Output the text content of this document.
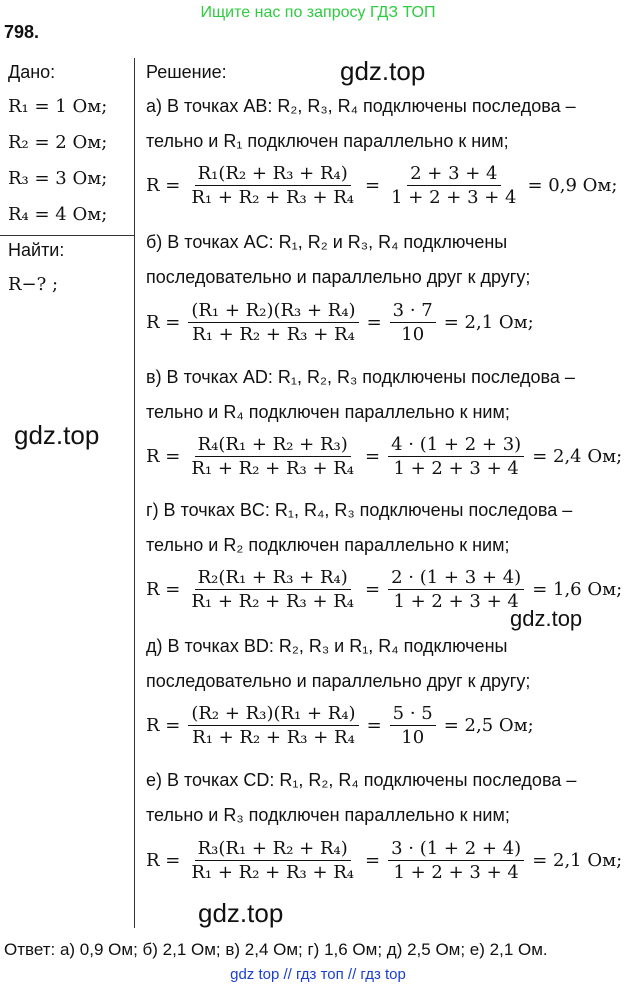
Ищите нас по запросу ГДЗ ТОП
798.
Дано:
R₁ = 1 Ом;
R₂ = 2 Ом;
R₃ = 3 Ом;
R₄ = 4 Ом;
Найти:
R−? ;
Решение:	gdz.top
а) В точках AB: R₂, R₃, R₄ подключены последова –
тельно и R₁ подключен параллельно к ним;
$R = \frac{\text{R₁(R₂ + R₃ + R₄)}}{\text{R₁ + R₂ + R₃ + R₄}} = \frac{2 + 3 + 4}{1 + 2 + 3 + 4} = 0,9$ Ом;
б) В точках AC: R₁, R₂ и R₃, R₄ подключены
последовательно и параллельно друг к другу;
$R = \frac{\text{(R₁ + R₂)(R₃ + R₄)}}{\text{R₁ + R₂ + R₃ + R₄}} = \frac{3 \cdot 7}{10} = 2,1$ Ом;
в) В точках AD: R₁, R₂, R₃ подключены последова –
тельно и R₄ подключен параллельно к ним;
gdz.top
$R = \frac{\text{R₄(R₁ + R₂ + R₃)}}{\text{R₁ + R₂ + R₃ + R₄}} = \frac{4 \cdot (1 + 2 + 3)}{1 + 2 + 3 + 4} = 2,4$ Ом;
г) В точках BC: R₁, R₄, R₃ подключены последова –
тельно и R₂ подключен параллельно к ним;
$R = \frac{\text{R₂(R₁ + R₃ + R₄)}}{\text{R₁ + R₂ + R₃ + R₄}} = \frac{2 \cdot (1 + 3 + 4)}{1 + 2 + 3 + 4} = 1,6$ Ом;
gdz.top
д) В точках BD: R₂, R₃ и R₁, R₄ подключены
последовательно и параллельно друг к другу;
$R = \frac{\text{(R₂ + R₃)(R₁ + R₄)}}{\text{R₁ + R₂ + R₃ + R₄}} = \frac{5 \cdot 5}{10} = 2,5$ Ом;
е) В точках CD: R₁, R₂, R₄ подключены последова –
тельно и R₃ подключен параллельно к ним;
$R = \frac{\text{R₃(R₁ + R₂ + R₄)}}{\text{R₁ + R₂ + R₃ + R₄}} = \frac{3 \cdot (1 + 2 + 4)}{1 + 2 + 3 + 4} = 2,1$ Ом;
gdz.top
Ответ: а) 0,9 Ом; б) 2,1 Ом; в) 2,4 Ом; г) 1,6 Ом; д) 2,5 Ом; е) 2,1 Ом.
gdz top // гдз топ // гдз top
